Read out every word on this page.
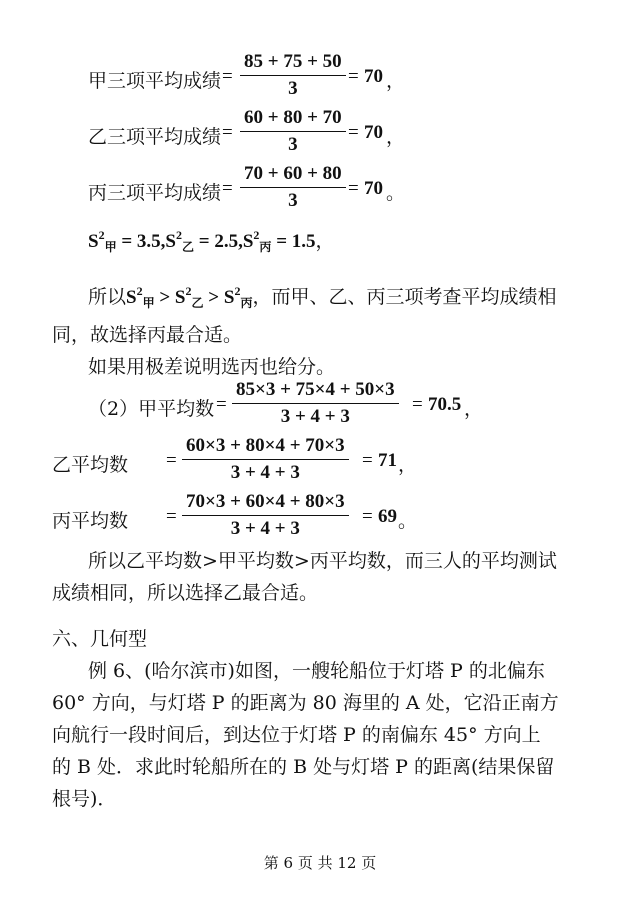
甲三项平均成绩 =
85 + 75 + 50
3
= 70 ，
乙三项平均成绩 =
60 + 80 + 70
3
= 70 ，
丙三项平均成绩 =
70 + 60 + 80
3
= 70 。
$S^2_甲 = 3.5,S^2_乙 = 2.5,S^2_丙 = 1.5$，
所以$S^2_甲 > S^2_乙 > S^2_丙$，而甲、乙、丙三项考查平均成绩相
同，故选择丙最合适。
如果用极差说明选丙也给分。
（2）甲平均数 =
85×3 + 75×4 + 50×3
3 + 4 + 3
= 70.5 ，
乙平均数 =
60×3 + 80×4 + 70×3
3 + 4 + 3
= 71 ，
丙平均数 =
70×3 + 60×4 + 80×3
3 + 4 + 3
= 69 。
所以乙平均数>甲平均数>丙平均数，而三人的平均测试
成绩相同，所以选择乙最合适。
六、几何型
例 6、(哈尔滨市)如图，一艘轮船位于灯塔 P 的北偏东
60° 方向，与灯塔 P 的距离为 80 海里的 A 处，它沿正南方
向航行一段时间后，到达位于灯塔 P 的南偏东 45° 方向上
的 B 处．求此时轮船所在的 B 处与灯塔 P 的距离(结果保留
根号)．
第 6 页 共 12 页
